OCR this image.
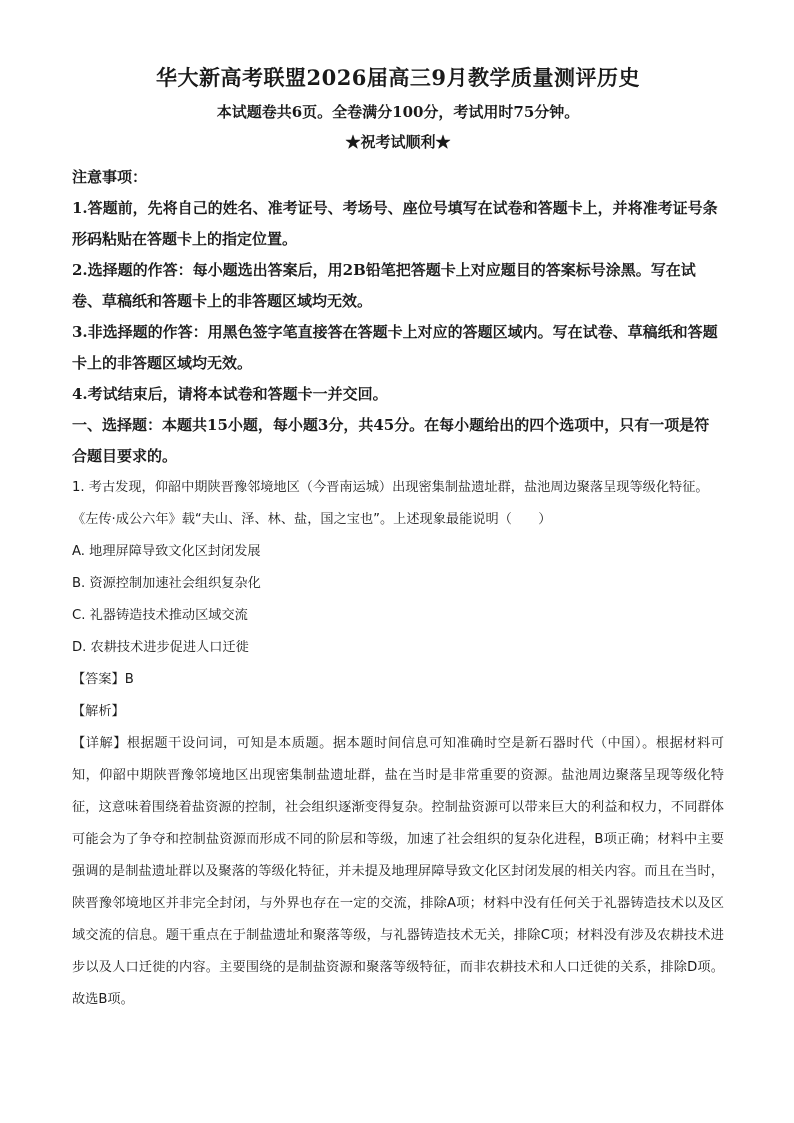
华大新高考联盟2026届高三9月教学质量测评历史
本试题卷共6页。全卷满分100分，考试用时75分钟。
★祝考试顺利★

注意事项：

1.答题前，先将自己的姓名、准考证号、考场号、座位号填写在试卷和答题卡上，并将准考证号条形码粘贴在答题卡上的指定位置。

2.选择题的作答：每小题选出答案后，用2B铅笔把答题卡上对应题目的答案标号涂黑。写在试卷、草稿纸和答题卡上的非答题区域均无效。

3.非选择题的作答：用黑色签字笔直接答在答题卡上对应的答题区域内。写在试卷、草稿纸和答题卡上的非答题区域均无效。

4.考试结束后，请将本试卷和答题卡一并交回。

一、选择题：本题共15小题，每小题3分，共45分。在每小题给出的四个选项中，只有一项是符合题目要求的。

1. 考古发现，仰韶中期陕晋豫邻境地区（今晋南运城）出现密集制盐遗址群，盐池周边聚落呈现等级化特征。《左传·成公六年》载“夫山、泽、林、盐，国之宝也”。上述现象最能说明（　　）

A. 地理屏障导致文化区封闭发展

B. 资源控制加速社会组织复杂化

C. 礼器铸造技术推动区域交流

D. 农耕技术进步促进人口迁徙

【答案】B

【解析】

【详解】根据题干设问词，可知是本质题。据本题时间信息可知准确时空是新石器时代（中国）。根据材料可知，仰韶中期陕晋豫邻境地区出现密集制盐遗址群，盐在当时是非常重要的资源。盐池周边聚落呈现等级化特征，这意味着围绕着盐资源的控制，社会组织逐渐变得复杂。控制盐资源可以带来巨大的利益和权力，不同群体可能会为了争夺和控制盐资源而形成不同的阶层和等级，加速了社会组织的复杂化进程，B项正确；材料中主要强调的是制盐遗址群以及聚落的等级化特征，并未提及地理屏障导致文化区封闭发展的相关内容。而且在当时，陕晋豫邻境地区并非完全封闭，与外界也存在一定的交流，排除A项；材料中没有任何关于礼器铸造技术以及区域交流的信息。题干重点在于制盐遗址和聚落等级，与礼器铸造技术无关，排除C项；材料没有涉及农耕技术进步以及人口迁徙的内容。主要围绕的是制盐资源和聚落等级特征，而非农耕技术和人口迁徙的关系，排除D项。故选B项。
